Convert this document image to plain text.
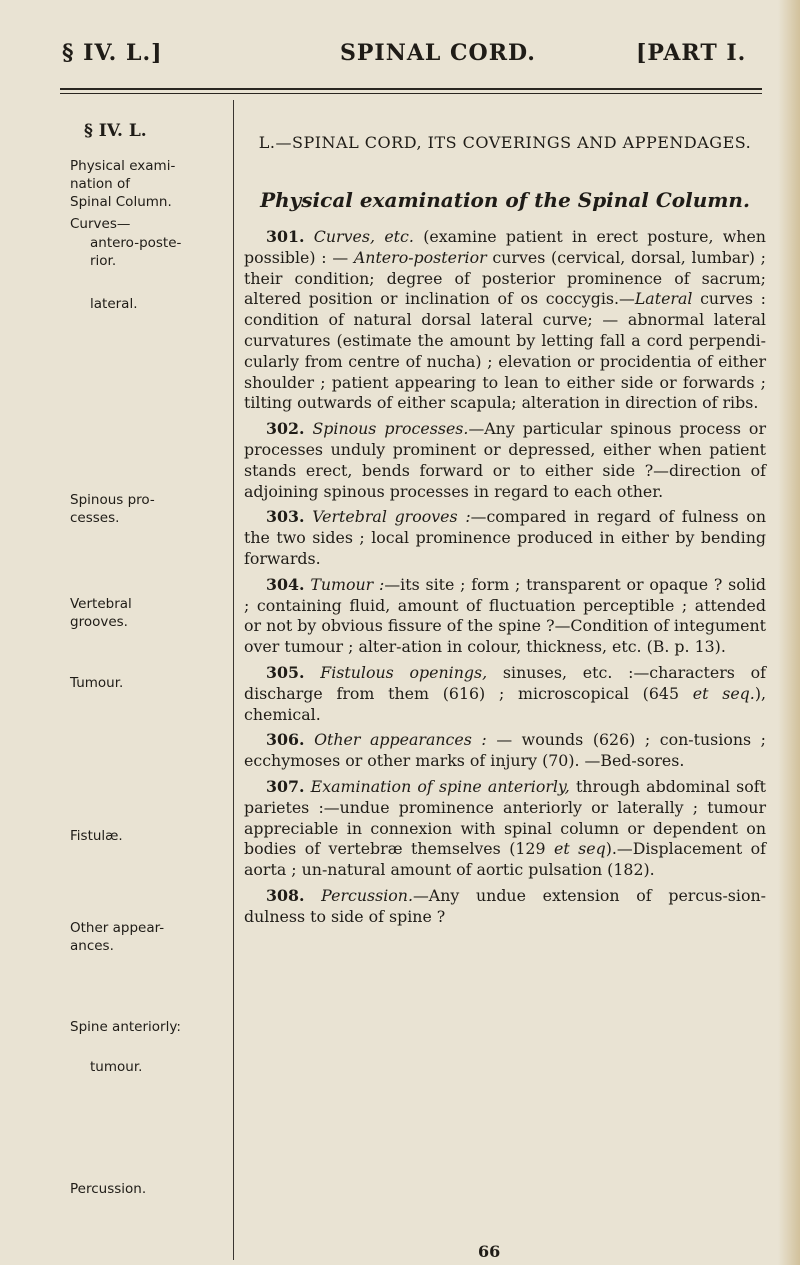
§ IV. L.]	SPINAL CORD.	[PART I.
§ IV. L.
Physical exami-
nation of
Spinal Column.
Curves—
antero-poste-
rior.
lateral.
Spinous pro-
cesses.
Vertebral
grooves.
Tumour.
Fistulæ.
Other appear-
ances.
Spine anteriorly:
tumour.
Percussion.
L.—SPINAL CORD, ITS COVERINGS AND APPENDAGES.
Physical examination of the Spinal Column.

301. Curves, etc. (examine patient in erect posture, when possible) : — Antero-posterior curves (cervical, dorsal, lumbar) ; their condition; degree of posterior prominence of sacrum; altered position or inclination of os coccygis.—Lateral curves : condition of natural dorsal lateral curve; — abnormal lateral curvatures (estimate the amount by letting fall a cord perpendi-cularly from centre of nucha) ; elevation or procidentia of either shoulder ; patient appearing to lean to either side or forwards ; tilting outwards of either scapula; alteration in direction of ribs.

302. Spinous processes.—Any particular spinous process or processes unduly prominent or depressed, either when patient stands erect, bends forward or to either side ?—direction of adjoining spinous processes in regard to each other.

303. Vertebral grooves :—compared in regard of fulness on the two sides ; local prominence produced in either by bending forwards.

304. Tumour :—its site ; form ; transparent or opaque ? solid ; containing fluid, amount of fluctuation perceptible ; attended or not by obvious fissure of the spine ?—Condition of integument over tumour ; alter-ation in colour, thickness, etc. (B. p. 13).

305. Fistulous openings, sinuses, etc. :—characters of discharge from them (616) ; microscopical (645 et seq.), chemical.

306. Other appearances : — wounds (626) ; con-tusions ; ecchymoses or other marks of injury (70). —Bed-sores.

307. Examination of spine anteriorly, through abdominal soft parietes :—undue prominence anteriorly or laterally ; tumour appreciable in connexion with spinal column or dependent on bodies of vertebræ themselves (129 et seq).—Displacement of aorta ; un-natural amount of aortic pulsation (182).

308. Percussion.—Any undue extension of percus-sion-dulness to side of spine ?

66
